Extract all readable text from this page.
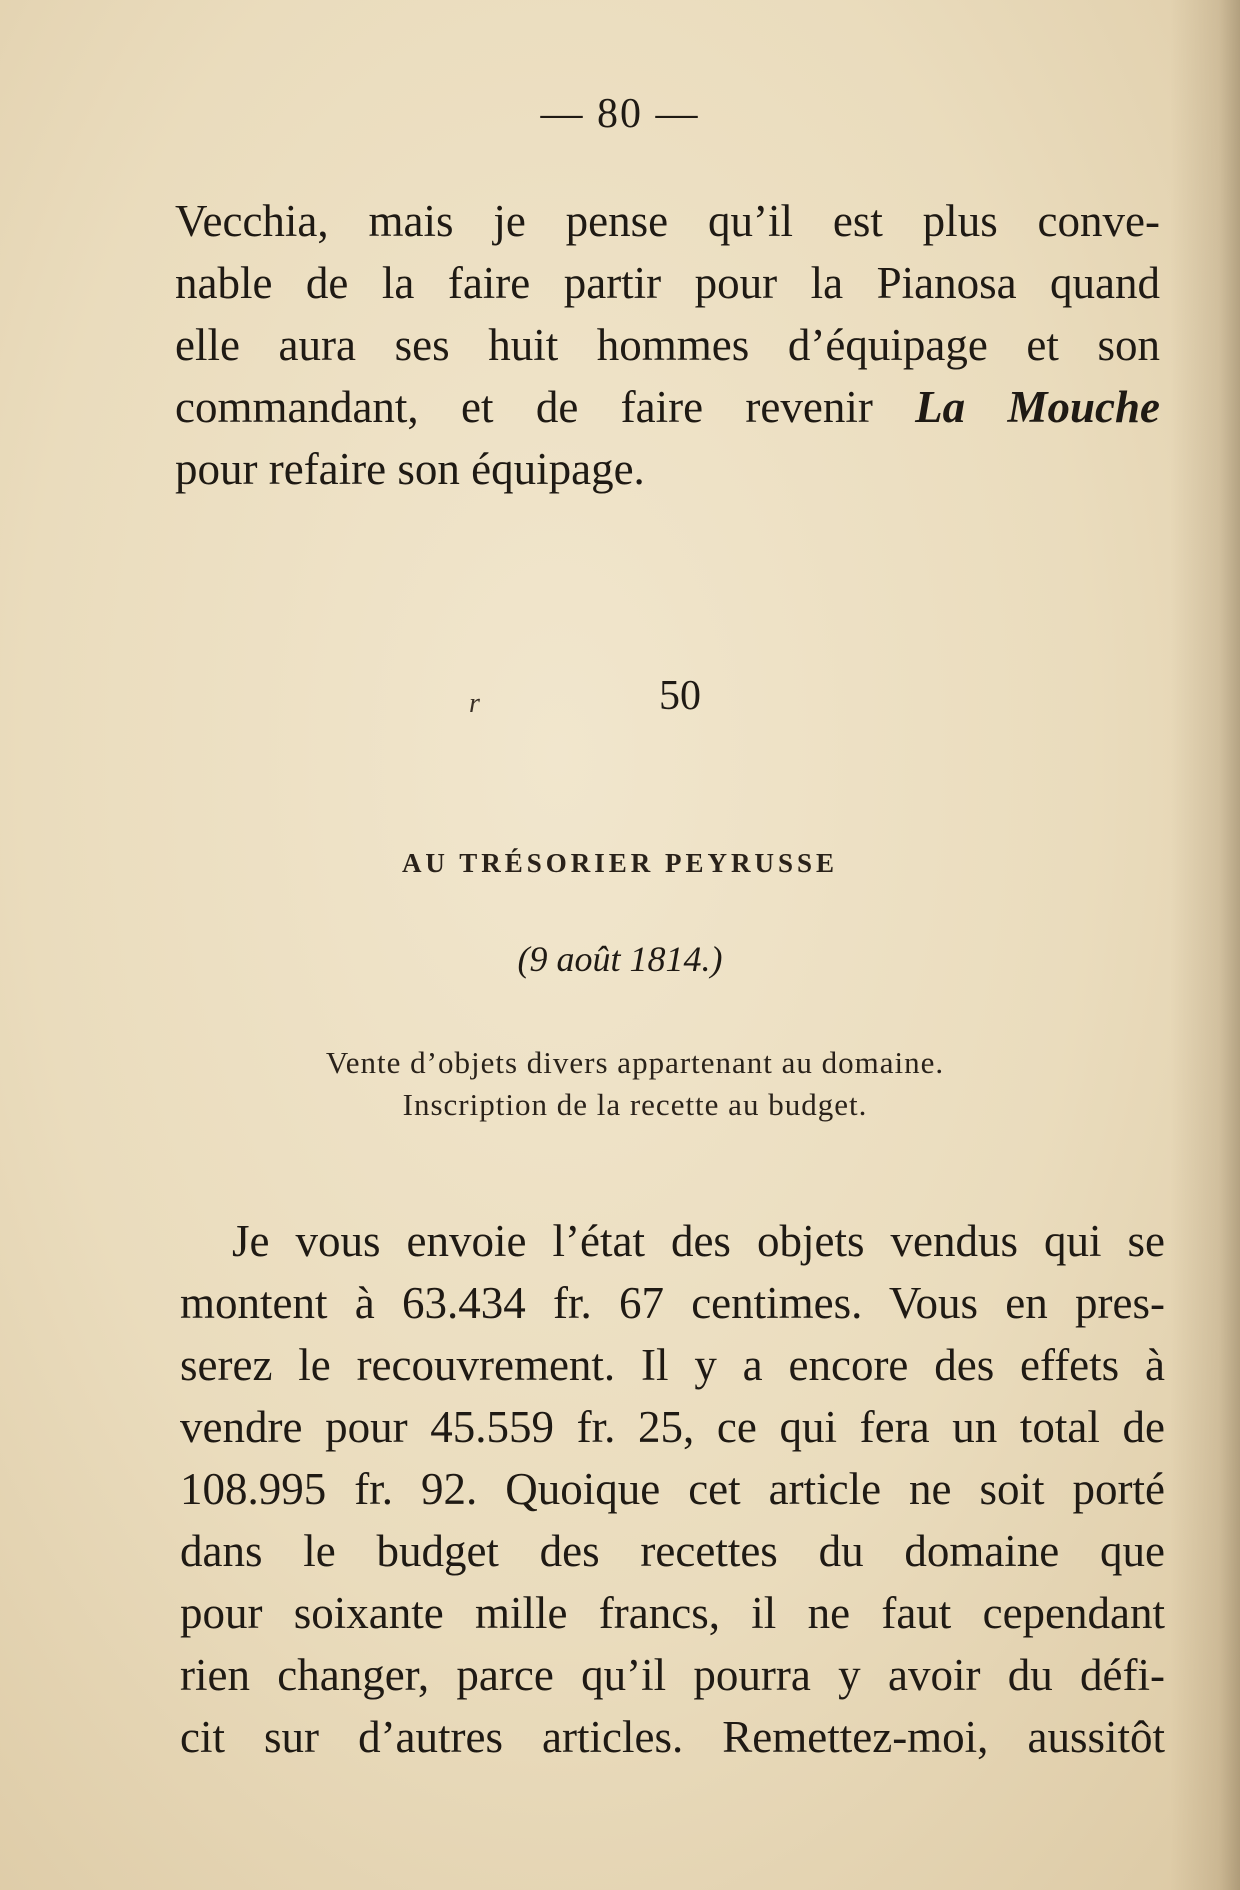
— 80 —
Vecchia, mais je pense qu’il est plus conve-
nable de la faire partir pour la Pianosa quand
elle aura ses huit hommes d’équipage et son
commandant, et de faire revenir La Mouche
pour refaire son équipage.
r	50
AU TRÉSORIER PEYRUSSE
(9 août 1814.)
Vente d’objets divers appartenant au domaine.
Inscription de la recette au budget.
Je vous envoie l’état des objets vendus qui se
montent à 63.434 fr. 67 centimes. Vous en pres-
serez le recouvrement. Il y a encore des effets à
vendre pour 45.559 fr. 25, ce qui fera un total de
108.995 fr. 92. Quoique cet article ne soit porté
dans le budget des recettes du domaine que
pour soixante mille francs, il ne faut cependant
rien changer, parce qu’il pourra y avoir du défi-
cit sur d’autres articles. Remettez-moi, aussitôt
